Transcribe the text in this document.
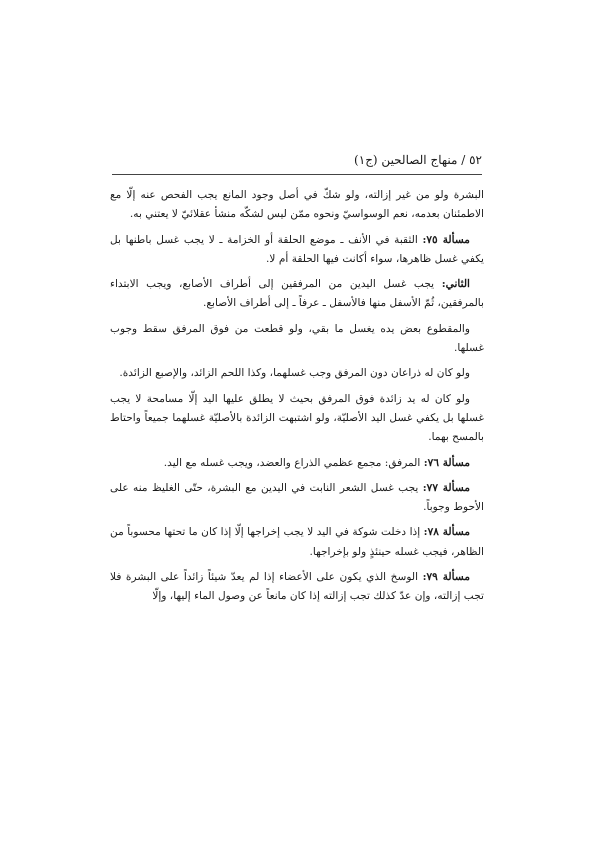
٥٢ / منهاج الصالحين (ج١)

البشرة ولو من غير إزالته، ولو شكّ في أصل وجود المانع يجب الفحص عنه إلّا مع الاطمئنان بعدمه، نعم الوسواسيّ ونحوه ممّن ليس لشكّه منشأ عقلائيّ لا يعتني به.

مسألة ٧٥: الثقبة في الأنف ـ موضع الحلقة أو الخزامة ـ لا يجب غسل باطنها بل يكفي غسل ظاهرها، سواء أكانت فيها الحلقة أم لا.

الثاني: يجب غسل اليدين من المرفقين إلى أطراف الأصابع، ويجب الابتداء بالمرفقين، ثُمّ الأسفل منها فالأسفل ـ عرفاً ـ إلى أطراف الأصابع.

والمقطوع بعض يده يغسل ما بقي، ولو قطعت من فوق المرفق سقط وجوب غسلها.

ولو كان له ذراعان دون المرفق وجب غسلهما، وكذا اللحم الزائد، والإصبع الزائدة.

ولو كان له يد زائدة فوق المرفق بحيث لا يطلق عليها اليد إلّا مسامحة لا يجب غسلها بل يكفي غسل اليد الأصليّة، ولو اشتبهت الزائدة بالأصليّة غسلهما جميعاً واحتاط بالمسح بهما.

مسألة ٧٦: المرفق: مجمع عظمي الذراع والعضد، ويجب غسله مع اليد.

مسألة ٧٧: يجب غسل الشعر النابت في اليدين مع البشرة، حتّى الغليظ منه على الأحوط وجوباً.

مسألة ٧٨: إذا دخلت شوكة في اليد لا يجب إخراجها إلّا إذا كان ما تحتها محسوباً من الظاهر، فيجب غسله حينئذٍ ولو بإخراجها.

مسألة ٧٩: الوسخ الذي يكون على الأعضاء إذا لم يعدّ شيئاً زائداً على البشرة فلا تجب إزالته، وإن عدّ كذلك تجب إزالته إذا كان مانعاً عن وصول الماء إليها، وإلّا
